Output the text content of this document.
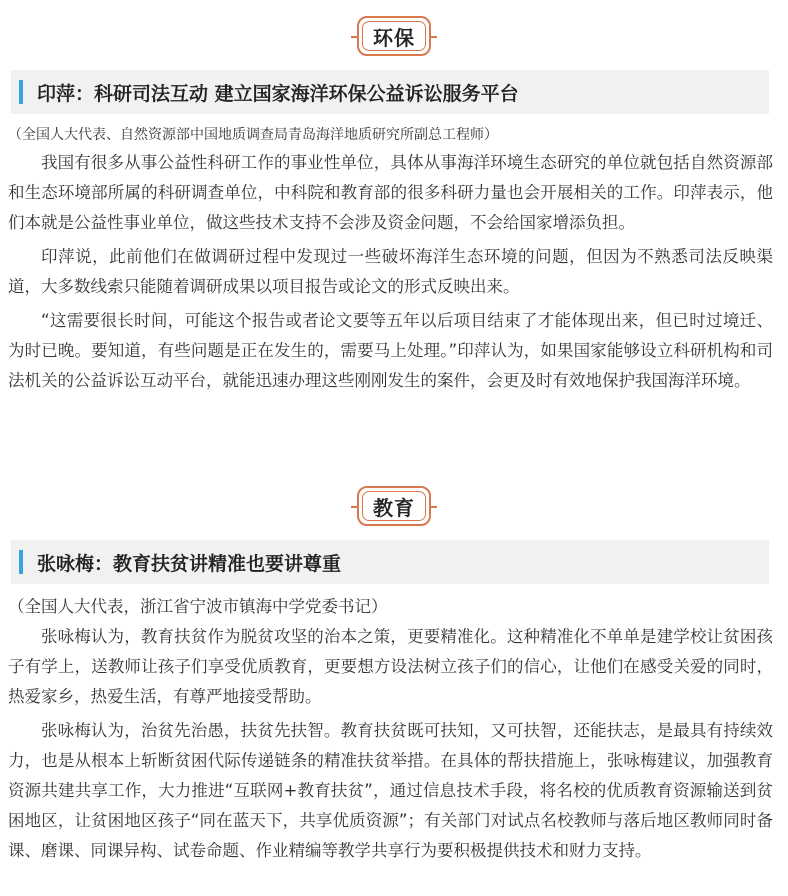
环保
印萍：科研司法互动 建立国家海洋环保公益诉讼服务平台

（全国人大代表、自然资源部中国地质调查局青岛海洋地质研究所副总工程师）

我国有很多从事公益性科研工作的事业性单位，具体从事海洋环境生态研究的单位就包括自然资源部和生态环境部所属的科研调查单位，中科院和教育部的很多科研力量也会开展相关的工作。印萍表示，他们本就是公益性事业单位，做这些技术支持不会涉及资金问题，不会给国家增添负担。

印萍说，此前他们在做调研过程中发现过一些破坏海洋生态环境的问题，但因为不熟悉司法反映渠道，大多数线索只能随着调研成果以项目报告或论文的形式反映出来。

“这需要很长时间，可能这个报告或者论文要等五年以后项目结束了才能体现出来，但已时过境迁、为时已晚。要知道，有些问题是正在发生的，需要马上处理。”印萍认为，如果国家能够设立科研机构和司法机关的公益诉讼互动平台，就能迅速办理这些刚刚发生的案件，会更及时有效地保护我国海洋环境。

教育
张咏梅：教育扶贫讲精准也要讲尊重

（全国人大代表，浙江省宁波市镇海中学党委书记）

张咏梅认为，教育扶贫作为脱贫攻坚的治本之策，更要精准化。这种精准化不单单是建学校让贫困孩子有学上，送教师让孩子们享受优质教育，更要想方设法树立孩子们的信心，让他们在感受关爱的同时，热爱家乡，热爱生活，有尊严地接受帮助。

张咏梅认为，治贫先治愚，扶贫先扶智。教育扶贫既可扶知，又可扶智，还能扶志，是最具有持续效力，也是从根本上斩断贫困代际传递链条的精准扶贫举措。在具体的帮扶措施上，张咏梅建议，加强教育资源共建共享工作，大力推进“互联网+教育扶贫”，通过信息技术手段，将名校的优质教育资源输送到贫困地区，让贫困地区孩子“同在蓝天下，共享优质资源”；有关部门对试点名校教师与落后地区教师同时备课、磨课、同课异构、试卷命题、作业精编等教学共享行为要积极提供技术和财力支持。
